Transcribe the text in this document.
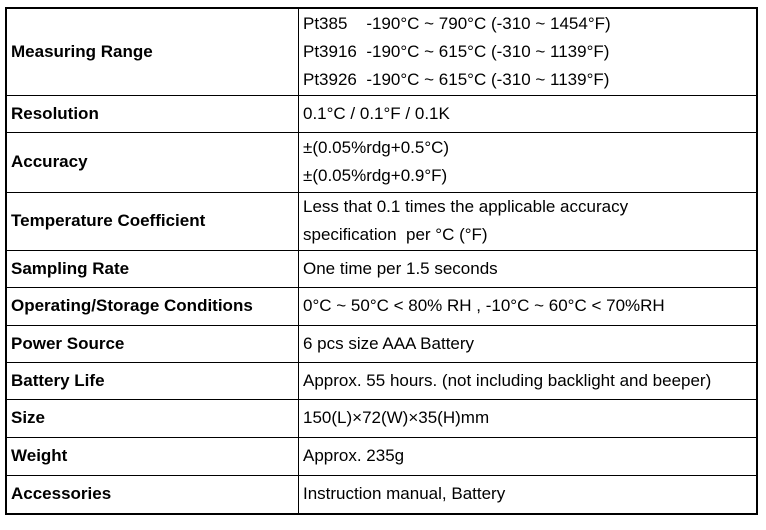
Measuring Range	Pt385    -190°C ~ 790°C (-310 ~ 1454°F)
Pt3916  -190°C ~ 615°C (-310 ~ 1139°F)
Pt3926  -190°C ~ 615°C (-310 ~ 1139°F)

Resolution	0.1°C / 0.1°F / 0.1K

Accuracy	±(0.05%rdg+0.5°C)
±(0.05%rdg+0.9°F)

Temperature Coefficient	Less that 0.1 times the applicable accuracy
specification  per °C (°F)

Sampling Rate	One time per 1.5 seconds

Operating/Storage Conditions	0°C ~ 50°C < 80% RH , -10°C ~ 60°C < 70%RH

Power Source	6 pcs size AAA Battery

Battery Life	Approx. 55 hours. (not including backlight and beeper)

Size	150(L)×72(W)×35(H)mm

Weight	Approx. 235g

Accessories	Instruction manual, Battery
